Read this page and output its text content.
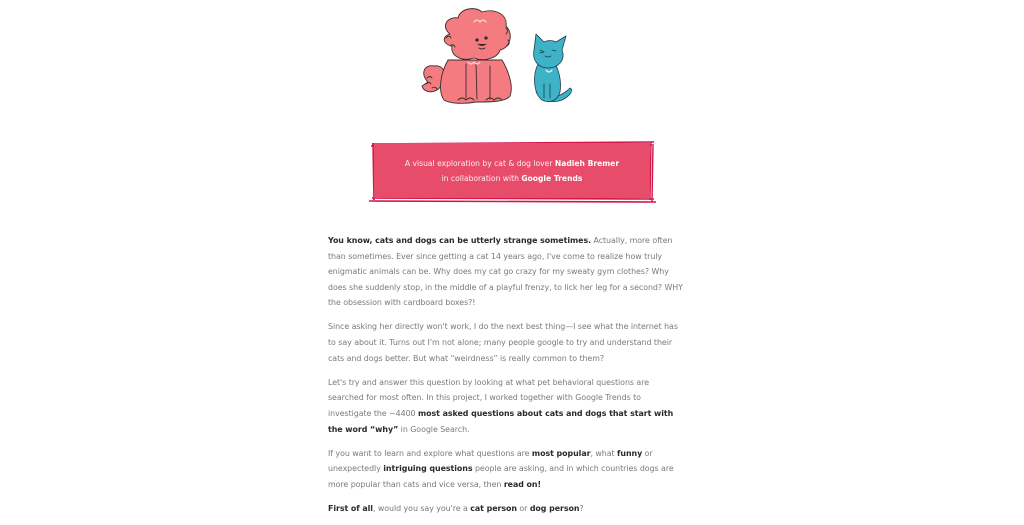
A visual exploration by cat & dog lover Nadieh Bremer
in collaboration with Google Trends

You know, cats and dogs can be utterly strange sometimes. Actually, more often than sometimes. Ever since getting a cat 14 years ago, I've come to realize how truly enigmatic animals can be. Why does my cat go crazy for my sweaty gym clothes? Why does she suddenly stop, in the middle of a playful frenzy, to lick her leg for a second? WHY the obsession with cardboard boxes?!

Since asking her directly won't work, I do the next best thing—I see what the internet has to say about it. Turns out I'm not alone; many people google to try and understand their cats and dogs better. But what “weirdness” is really common to them?

Let's try and answer this question by looking at what pet behavioral questions are searched for most often. In this project, I worked together with Google Trends to investigate the ~4400 most asked questions about cats and dogs that start with the word “why” in Google Search.

If you want to learn and explore what questions are most popular, what funny or unexpectedly intriguing questions people are asking, and in which countries dogs are more popular than cats and vice versa, then read on!

First of all, would you say you're a cat person or dog person?
